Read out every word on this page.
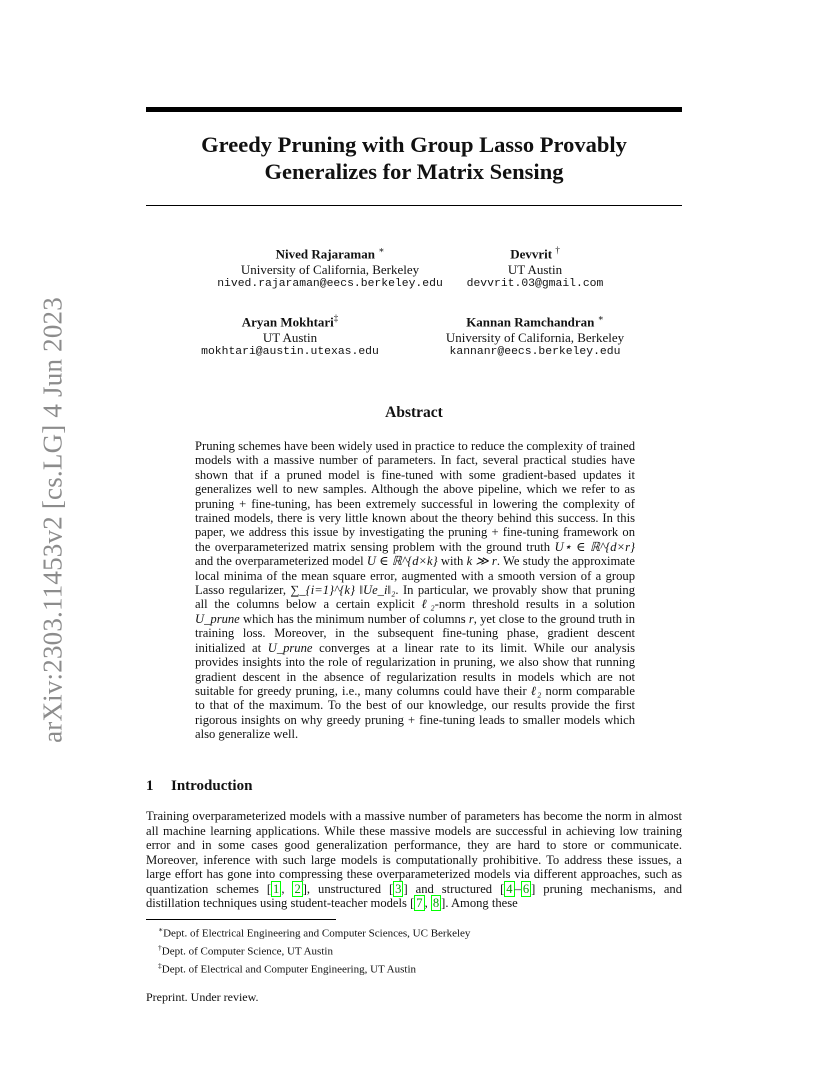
arXiv:2303.11453v2 [cs.LG] 4 Jun 2023
Greedy Pruning with Group Lasso Provably
Generalizes for Matrix Sensing
Nived Rajaraman ∗
University of California, Berkeley
nived.rajaraman@eecs.berkeley.edu
Devvrit †
UT Austin
devvrit.03@gmail.com
Aryan Mokhtari‡
UT Austin
mokhtari@austin.utexas.edu
Kannan Ramchandran ∗
University of California, Berkeley
kannanr@eecs.berkeley.edu
Abstract

Pruning schemes have been widely used in practice to reduce the complexity of trained models with a massive number of parameters. In fact, several practical studies have shown that if a pruned model is fine-tuned with some gradient-based updates it generalizes well to new samples. Although the above pipeline, which we refer to as pruning + fine-tuning, has been extremely successful in lowering the complexity of trained models, there is very little known about the theory behind this success. In this paper, we address this issue by investigating the pruning + fine-tuning framework on the overparameterized matrix sensing problem with the ground truth U⋆ ∈ ℝ^{d×r} and the overparameterized model U ∈ ℝ^{d×k} with k ≫ r. We study the approximate local minima of the mean square error, augmented with a smooth version of a group Lasso regularizer, ∑_{i=1}^{k} ‖Ue_i‖₂. In particular, we provably show that pruning all the columns below a certain explicit ℓ₂-norm threshold results in a solution U_prune which has the minimum number of columns r, yet close to the ground truth in training loss. Moreover, in the subsequent fine-tuning phase, gradient descent initialized at U_prune converges at a linear rate to its limit. While our analysis provides insights into the role of regularization in pruning, we also show that running gradient descent in the absence of regularization results in models which are not suitable for greedy pruning, i.e., many columns could have their ℓ₂ norm comparable to that of the maximum. To the best of our knowledge, our results provide the first rigorous insights on why greedy pruning + fine-tuning leads to smaller models which also generalize well.

1 Introduction

Training overparameterized models with a massive number of parameters has become the norm in almost all machine learning applications. While these massive models are successful in achieving low training error and in some cases good generalization performance, they are hard to store or communicate. Moreover, inference with such large models is computationally prohibitive. To address these issues, a large effort has gone into compressing these overparameterized models via different approaches, such as quantization schemes [ 1 , 2 ], unstructured [ 3 ] and structured [ 4 – 6 ] pruning mechanisms, and distillation techniques using student-teacher models [ 7 , 8 ]. Among these

∗Dept. of Electrical Engineering and Computer Sciences, UC Berkeley
†Dept. of Computer Science, UT Austin
‡Dept. of Electrical and Computer Engineering, UT Austin
Preprint. Under review.
